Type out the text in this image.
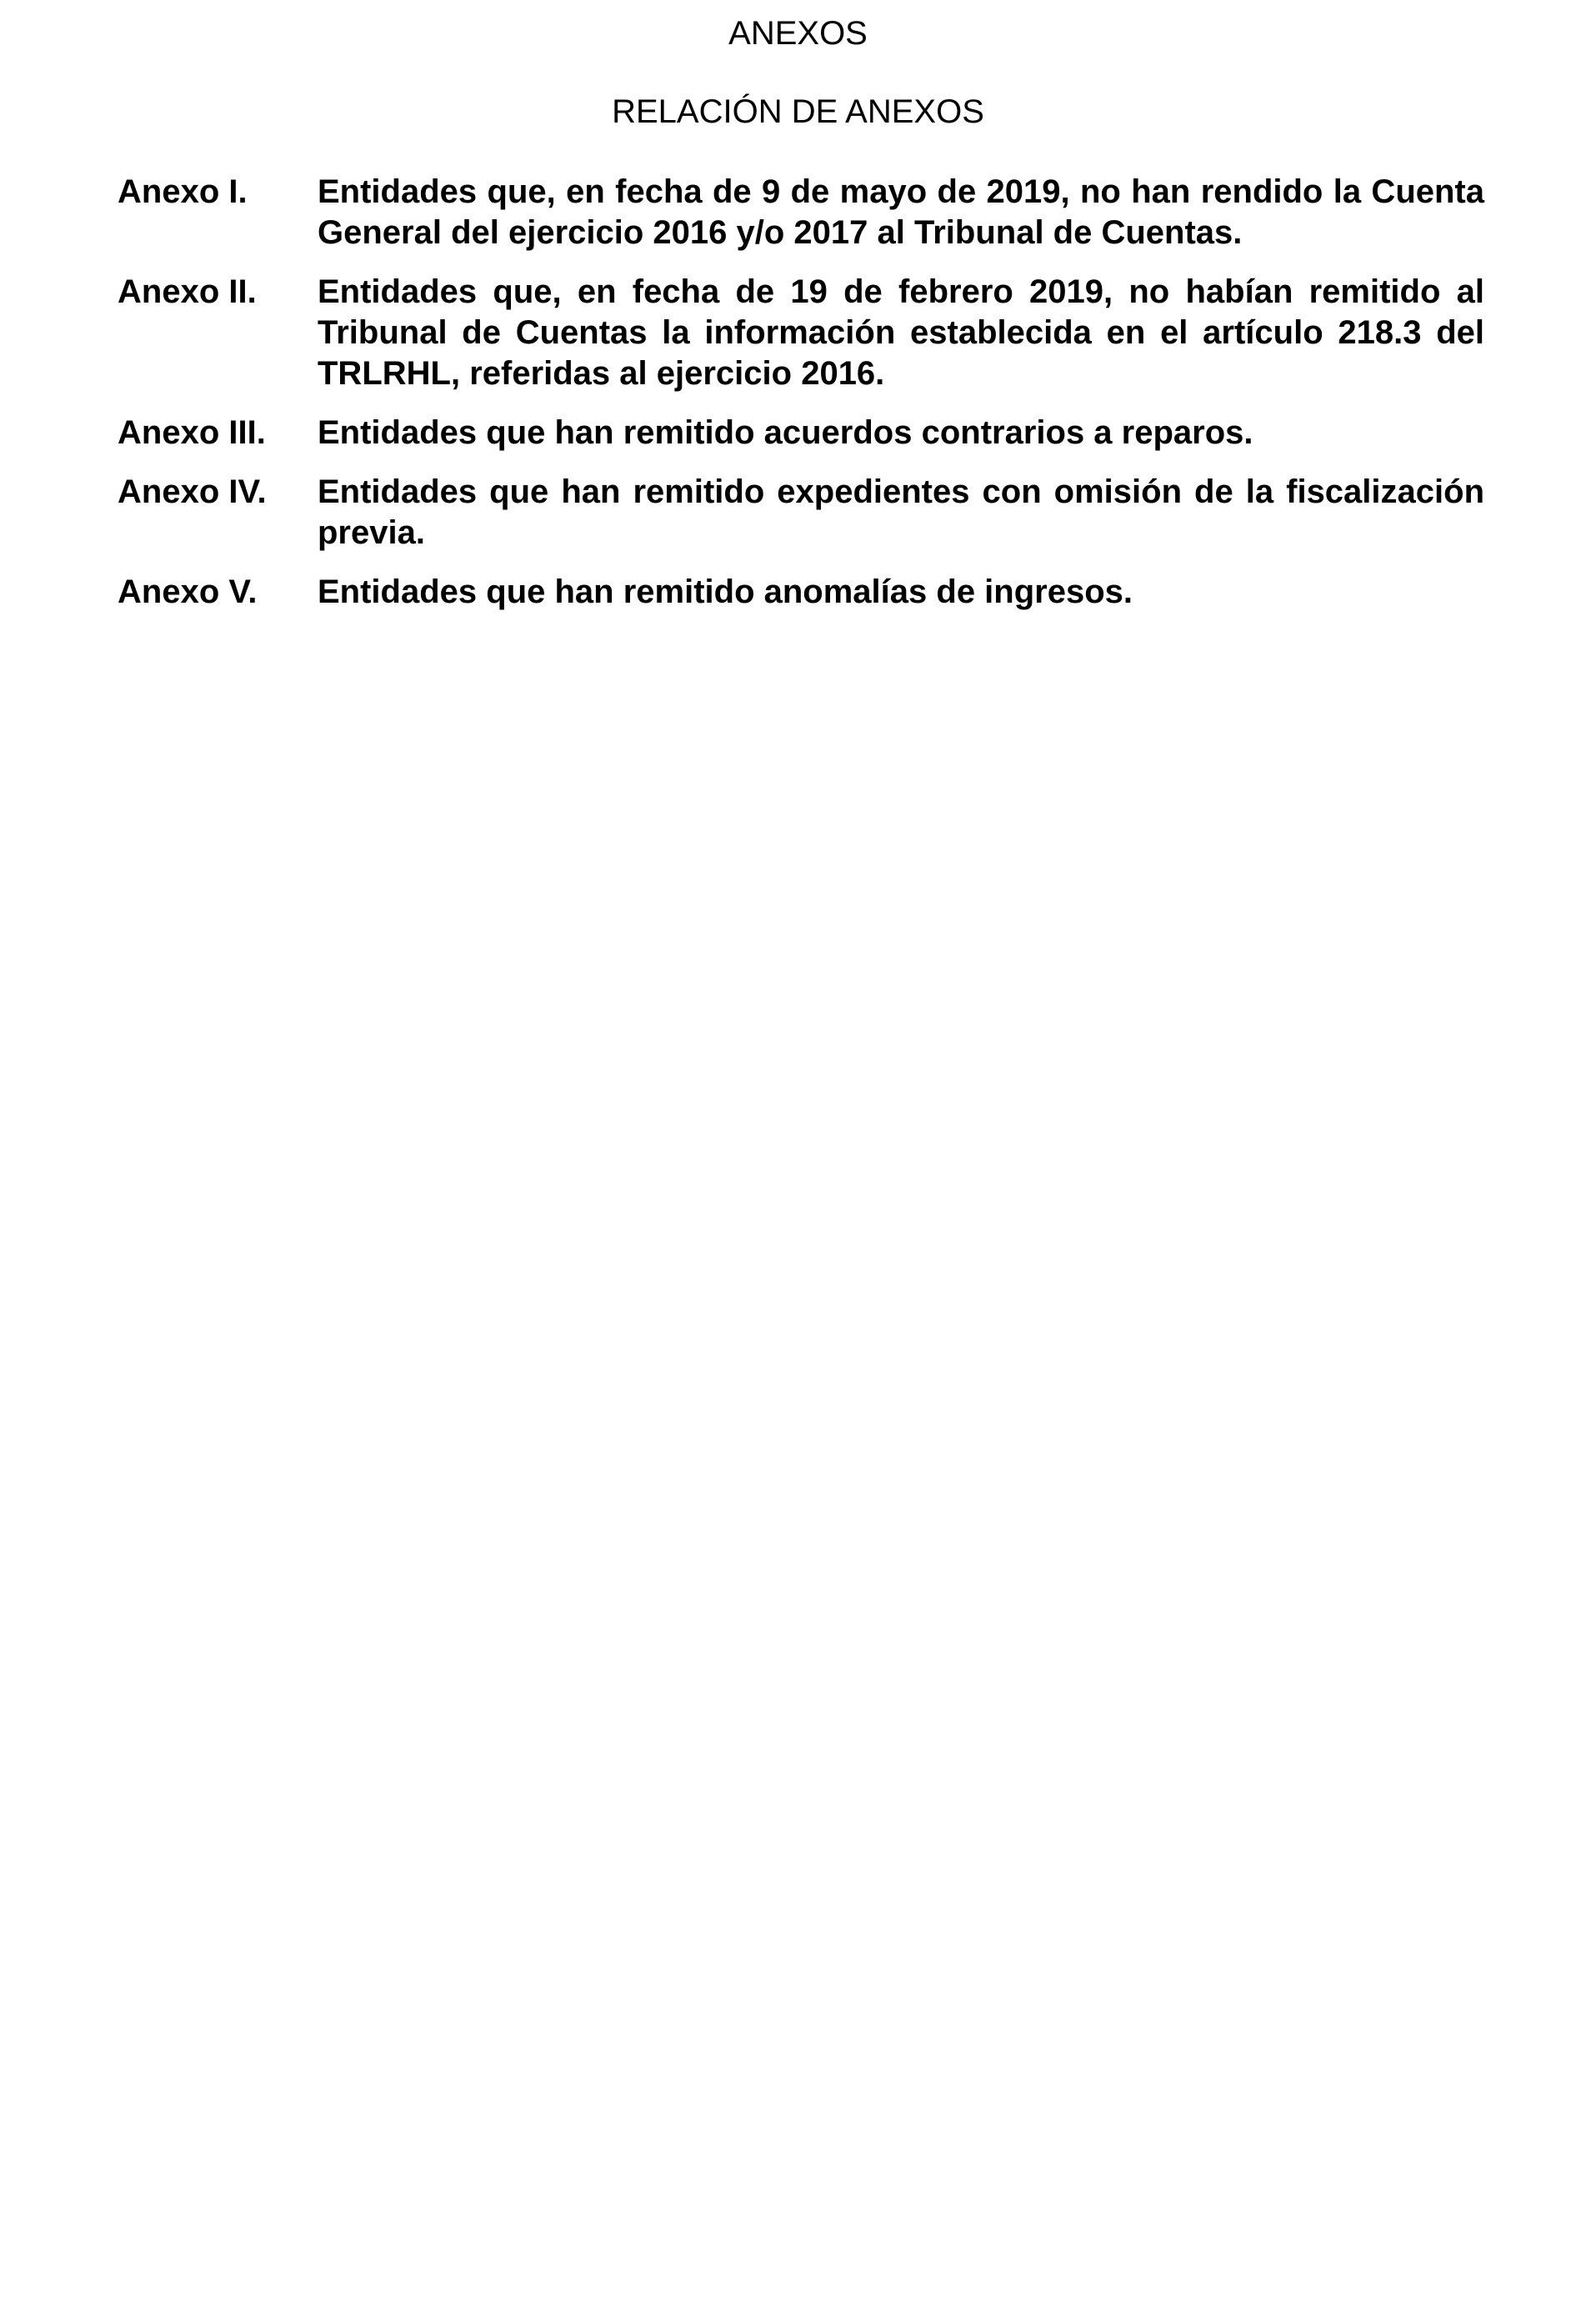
ANEXOS
RELACIÓN DE ANEXOS
Anexo I.	Entidades que, en fecha de 9 de mayo de 2019, no han rendido la Cuenta General del ejercicio 2016 y/o 2017 al Tribunal de Cuentas.
Anexo II.	Entidades que, en fecha de 19 de febrero 2019, no habían remitido al Tribunal de Cuentas la información establecida en el artículo 218.3 del TRLRHL, referidas al ejercicio 2016.
Anexo III.	Entidades que han remitido acuerdos contrarios a reparos.
Anexo IV.	Entidades que han remitido expedientes con omisión de la fiscalización previa.
Anexo V.	Entidades que han remitido anomalías de ingresos.
